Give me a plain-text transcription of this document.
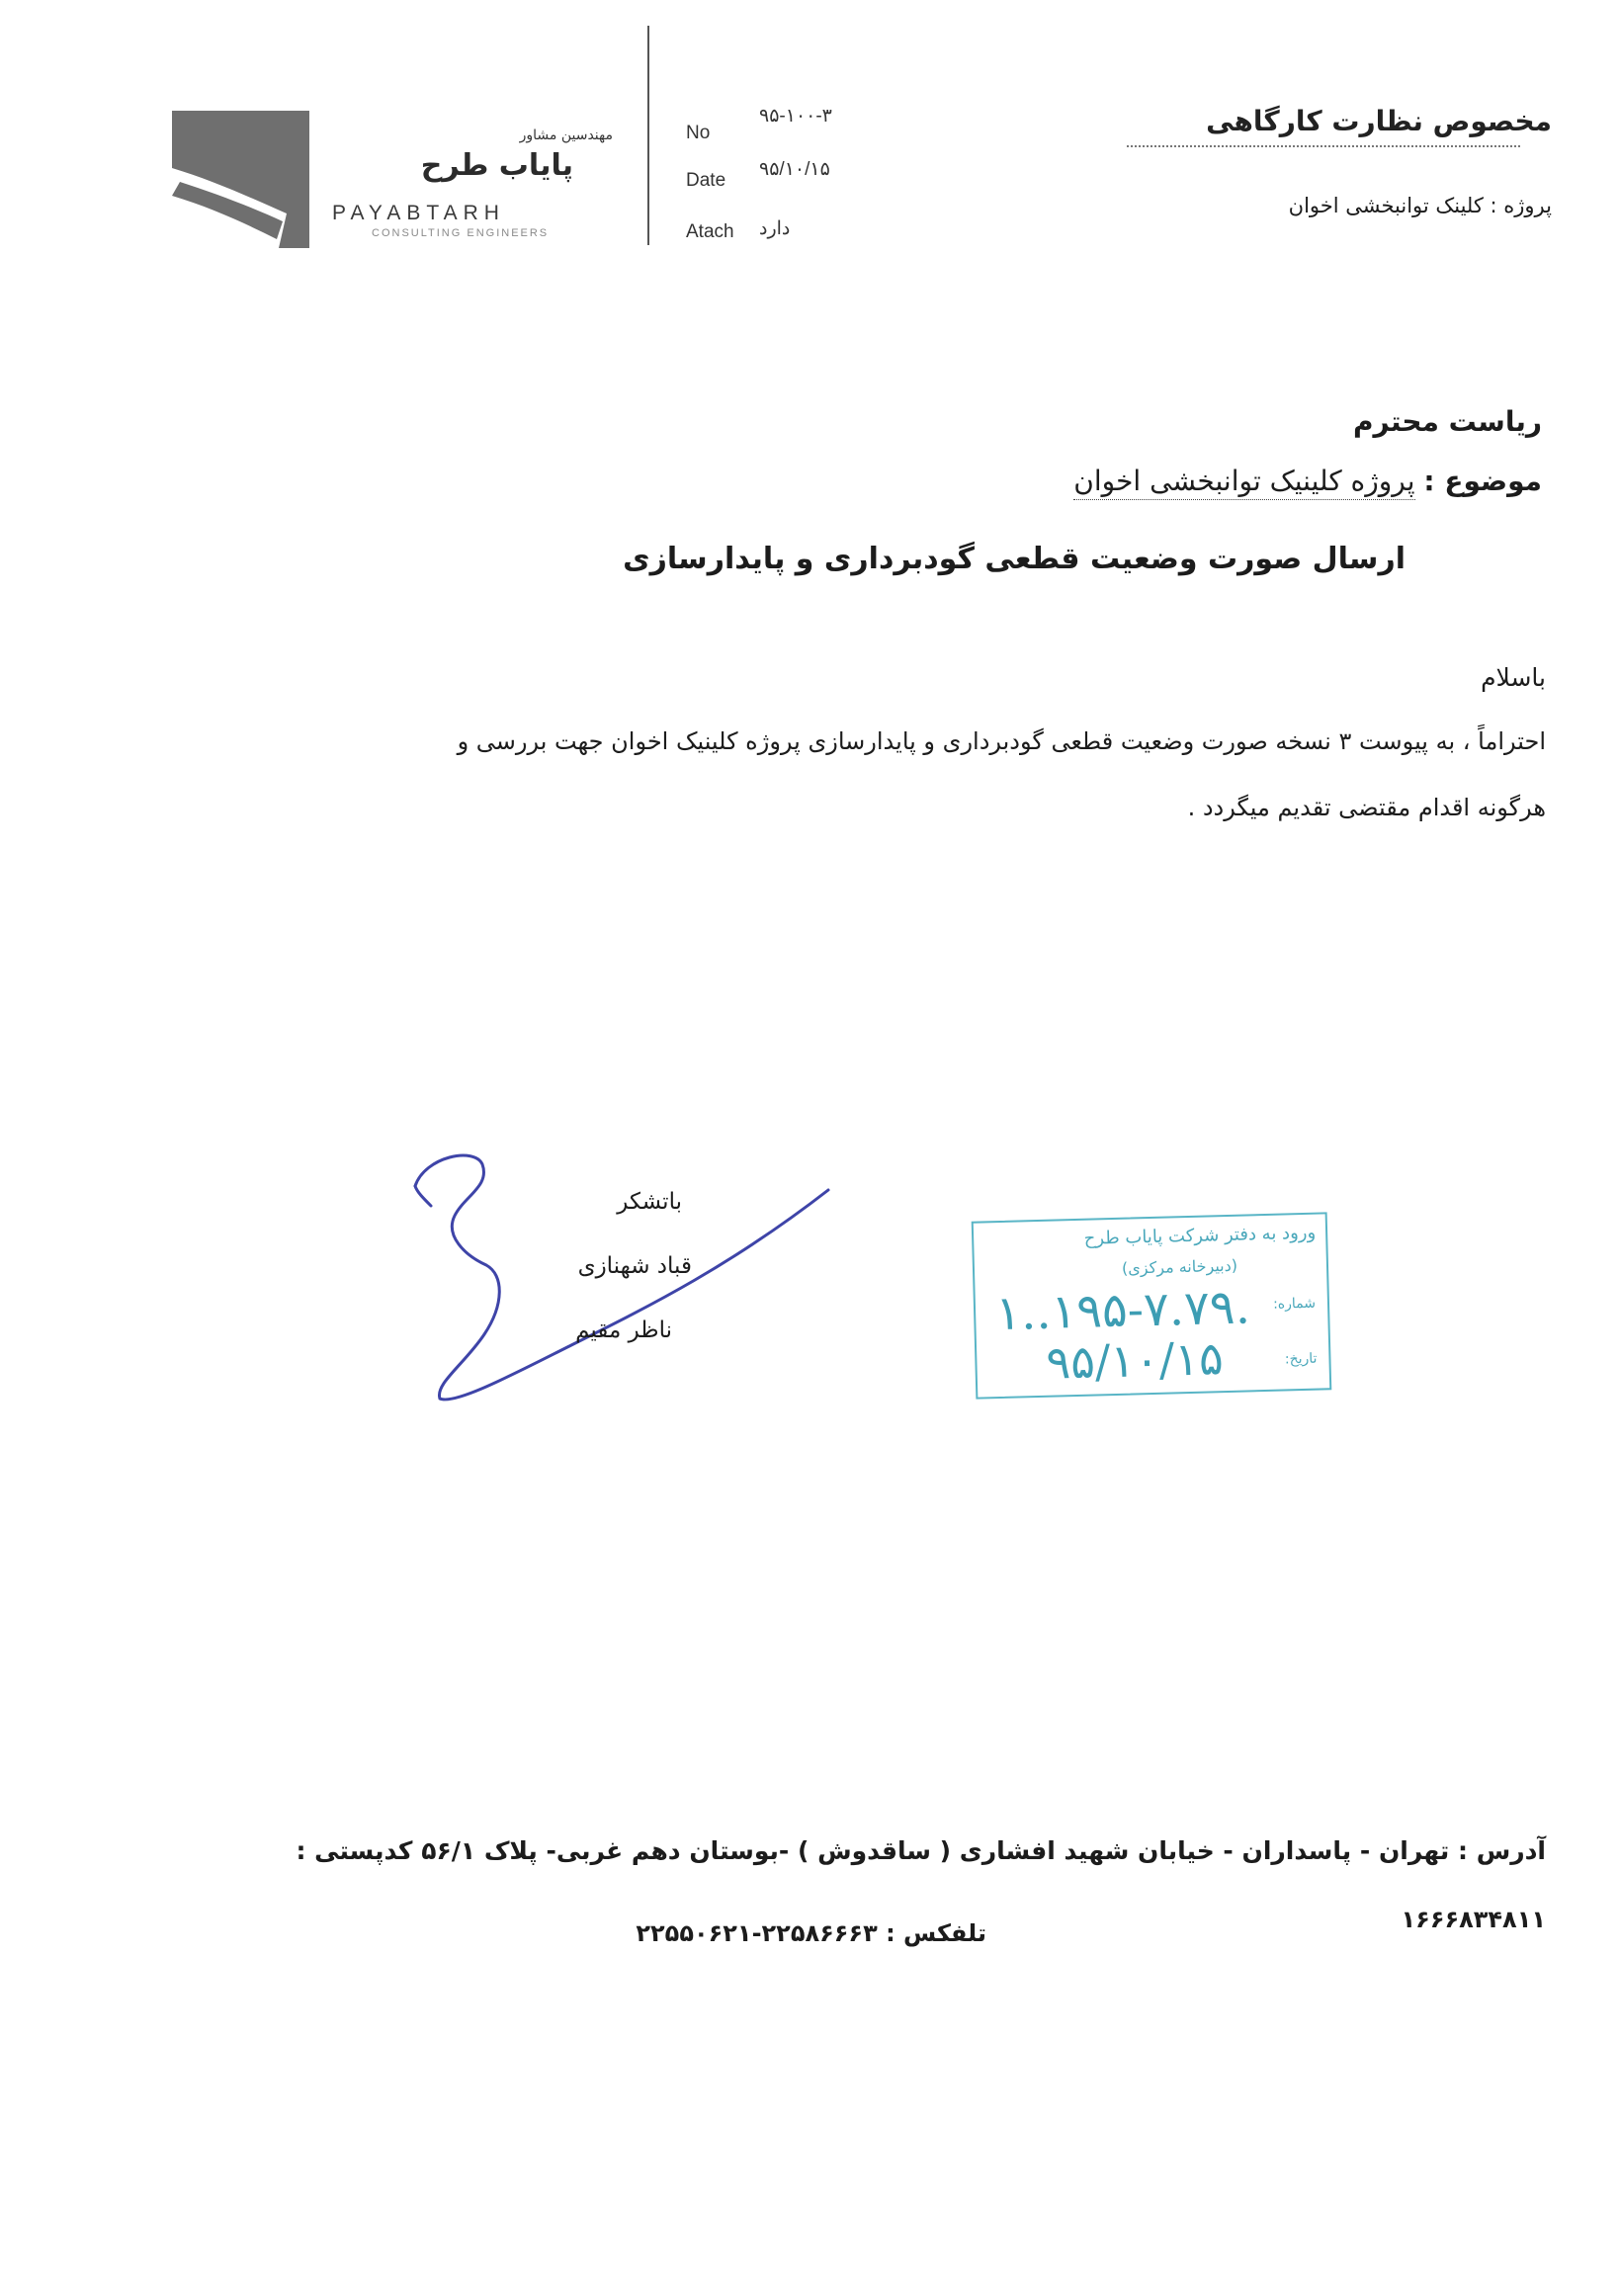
مهندسین مشاور
پایاب طرح
PAYABTARH
CONSULTING ENGINEERS
No
۹۵-۱۰۰-۳
Date
۹۵/۱۰/۱۵
Atach دارد
مخصوص نظارت کارگاهی
پروژه : کلینک توانبخشی اخوان
ریاست محترم
موضوع : پروژه کلینیک توانبخشی اخوان
ارسال صورت وضعیت قطعی گودبرداری و پایدارسازی
باسلام
احتراماً ، به پیوست ۳ نسخه صورت وضعیت قطعی گودبرداری و پایدارسازی پروژه کلینیک اخوان جهت بررسی و
هرگونه اقدام مقتضی تقدیم میگردد .
باتشکر
قباد شهنازی
ناظر مقیم
ورود به دفتر شرکت پایاب طرح
(دبیرخانه مرکزی)
شماره:
تاریخ:
۱..۱۹۵-۷.۷۹.
۹۵/۱۰/۱۵
آدرس : تهران - پاسداران - خیابان شهید افشاری ( ساقدوش ) -بوستان دهم غربی- پلاک ۵۶/۱ کدپستی :
۱۶۶۶۸۳۴۸۱۱
تلفکس : ۲۲۵۸۶۶۶۳-۲۲۵۵۰۶۲۱
